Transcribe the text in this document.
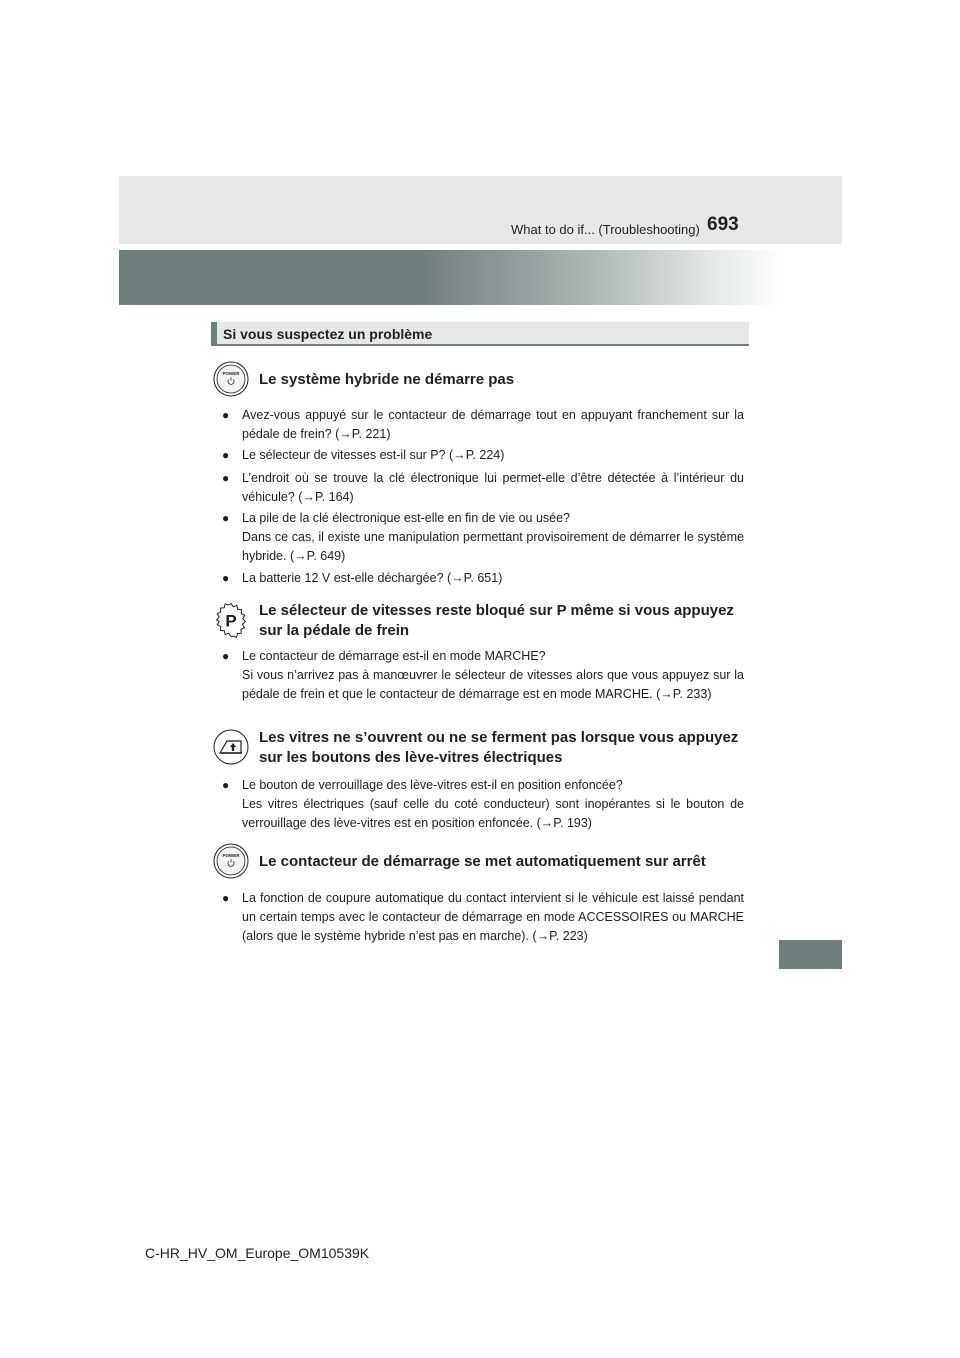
693
What to do if... (Troubleshooting)
Si vous suspectez un problème
POWER Le système hybride ne démarre pas
● Avez-vous appuyé sur le contacteur de démarrage tout en appuyant franchement sur la pédale de frein? (→P. 221)
● Le sélecteur de vitesses est-il sur P? (→P. 224)
● L’endroit où se trouve la clé électronique lui permet-elle d’être détectée à l’intérieur du véhicule? (→P. 164)
● La pile de la clé électronique est-elle en fin de vie ou usée?
Dans ce cas, il existe une manipulation permettant provisoirement de démarrer le système hybride. (→P. 649)
● La batterie 12 V est-elle déchargée? (→P. 651)
P
Le sélecteur de vitesses reste bloqué sur P même si vous appuyez
sur la pédale de frein
● Le contacteur de démarrage est-il en mode MARCHE?
Si vous n’arrivez pas à manœuvrer le sélecteur de vitesses alors que vous appuyez sur la pédale de frein et que le contacteur de démarrage est en mode MARCHE. (→P. 233)
Les vitres ne s’ouvrent ou ne se ferment pas lorsque vous appuyez
sur les boutons des lève-vitres électriques
● Le bouton de verrouillage des lève-vitres est-il en position enfoncée?
Les vitres électriques (sauf celle du coté conducteur) sont inopérantes si le bouton de verrouillage des lève-vitres est en position enfoncée. (→P. 193)
POWER Le contacteur de démarrage se met automatiquement sur arrêt
● La fonction de coupure automatique du contact intervient si le véhicule est laissé pendant un certain temps avec le contacteur de démarrage en mode ACCESSOIRES ou MARCHE (alors que le système hybride n’est pas en marche). (→P. 223)
C-HR_HV_OM_Europe_OM10539K
